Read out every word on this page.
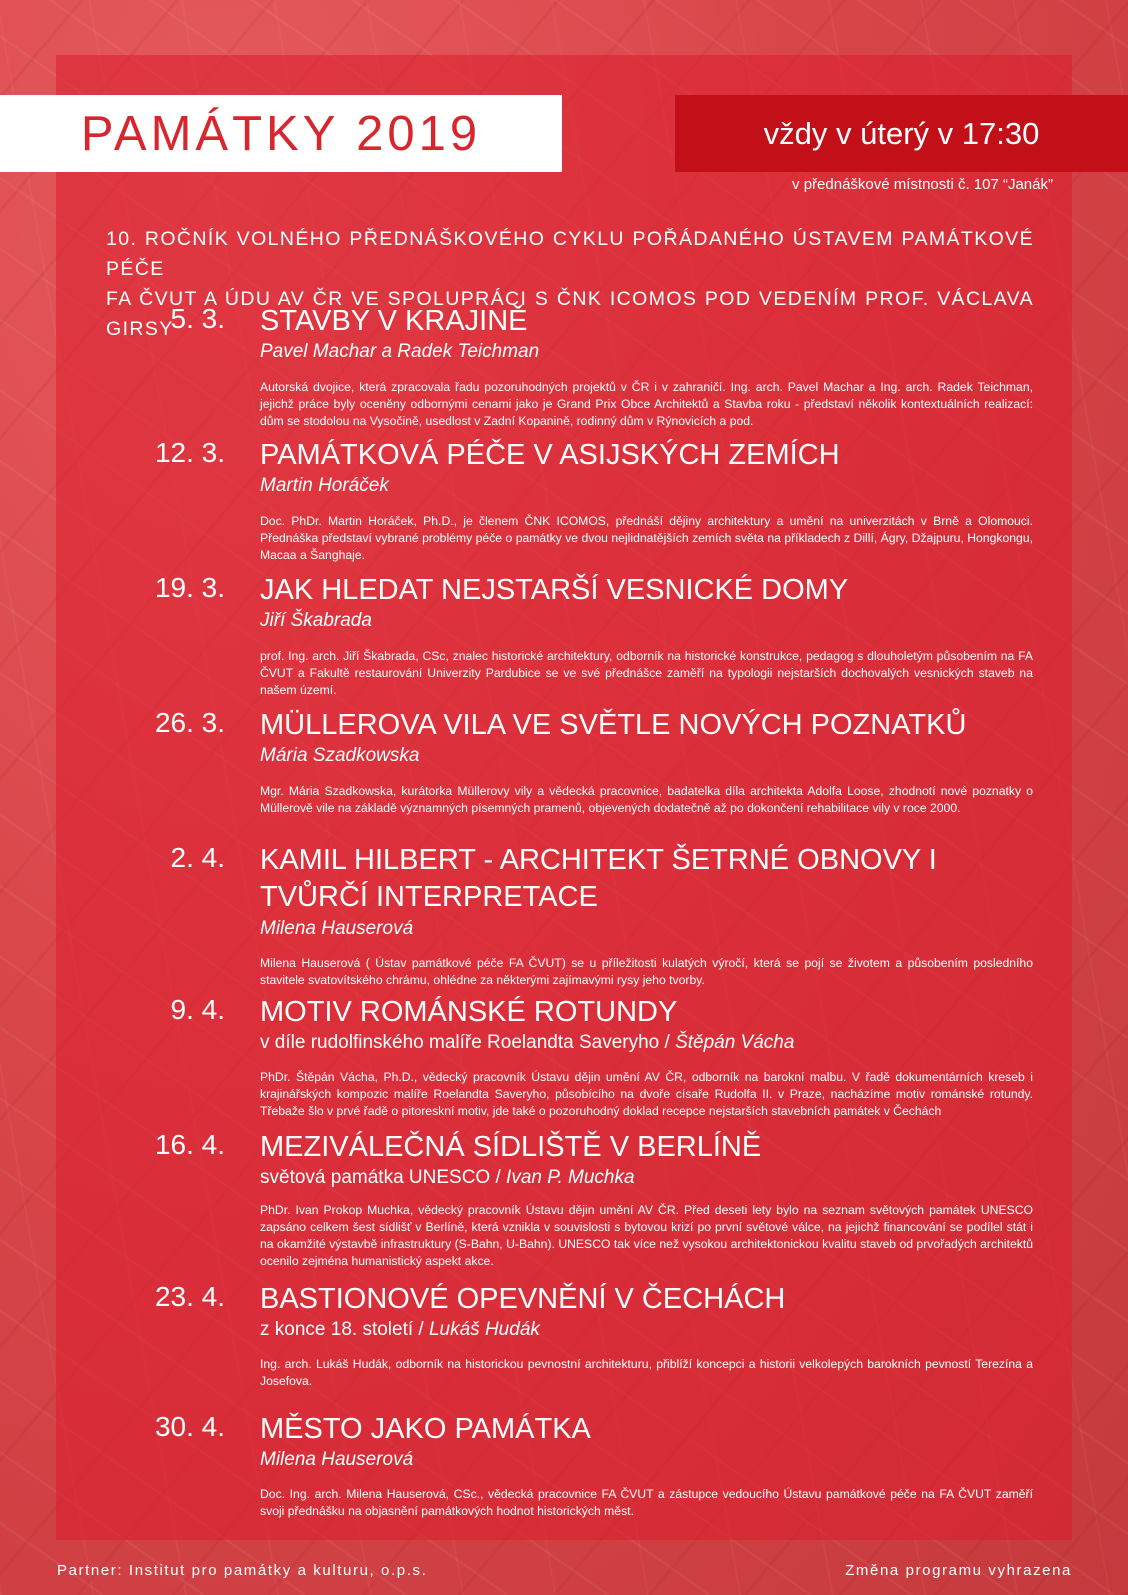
PAMÁTKY 2019	vždy v úterý v 17:30
v přednáškové místnosti č. 107 “Janák”
10. ROČNÍK VOLNÉHO PŘEDNÁŠKOVÉHO CYKLU POŘÁDANÉHO ÚSTAVEM PAMÁTKOVÉ PÉČE
FA ČVUT A ÚDU AV ČR VE SPOLUPRÁCI S ČNK ICOMOS POD VEDENÍM PROF. VÁCLAVA GIRSY
5. 3. STAVBY V KRAJINĚ
Pavel Machar a Radek Teichman
Autorská dvojice, která zpracovala řadu pozoruhodných projektů v ČR i v zahraničí. Ing. arch. Pavel Machar a Ing. arch. Radek Teichman, jejichž práce byly oceněny odbornými cenami jako je Grand Prix Obce Architektů a Stavba roku - představí několik kontextuálních realizací: dům se stodolou na Vysočině, usedlost v Zadní Kopanině, rodinný dům v Rýnovicích a pod.
12. 3. PAMÁTKOVÁ PÉČE V ASIJSKÝCH ZEMÍCH
Martin Horáček
Doc. PhDr. Martin Horáček, Ph.D., je členem ČNK ICOMOS, přednáší dějiny architektury a umění na univerzitách v Brně a Olomouci. Přednáška představí vybrané problémy péče o památky ve dvou nejlidnatějších zemích světa na příkladech z Dillí, Ágry, Džajpuru, Hongkongu, Macaa a Šanghaje.
19. 3. JAK HLEDAT NEJSTARŠÍ VESNICKÉ DOMY
Jiří Škabrada
prof. Ing. arch. Jiří Škabrada, CSc, znalec historické architektury, odborník na historické konstrukce, pedagog s dlouholetým působením na FA ČVUT a Fakultě restaurování Univerzity Pardubice se ve své přednášce zaměří na typologii nejstarších dochovalých vesnických staveb na našem území.
26. 3. MÜLLEROVA VILA VE SVĚTLE NOVÝCH POZNATKŮ
Mária Szadkowska
Mgr. Mária Szadkowska, kurátorka Müllerovy vily a vědecká pracovnice, badatelka díla architekta Adolfa Loose, zhodnotí nové poznatky o Müllerově vile na základě významných písemných pramenů, objevených dodatečně až po dokončení rehabilitace vily v roce 2000.
2. 4. KAMIL HILBERT - ARCHITEKT ŠETRNÉ OBNOVY I TVŮRČÍ INTERPRETACE
Milena Hauserová
Milena Hauserová ( Ústav památkové péče FA ČVUT) se u příležitosti kulatých výročí, která se pojí se životem a působením posledního stavitele svatovítského chrámu, ohlédne za některými zajímavými rysy jeho tvorby.
9. 4. MOTIV ROMÁNSKÉ ROTUNDY
v díle rudolfinského malíře Roelandta Saveryho / Štěpán Vácha
PhDr. Štěpán Vácha, Ph.D., vědecký pracovník Ústavu dějin umění AV ČR, odborník na barokní malbu. V řadě dokumentárních kreseb i krajinářských kompozic malíře Roelandta Saveryho, působícího na dvoře císaře Rudolfa II. v Praze, nacházíme motiv románské rotundy. Třebaže šlo v prvé řadě o pitoreskní motiv, jde také o pozoruhodný doklad recepce nejstarších stavebních památek v Čechách
16. 4. MEZIVÁLEČNÁ SÍDLIŠTĚ V BERLÍNĚ
světová památka UNESCO / Ivan P. Muchka
PhDr. Ivan Prokop Muchka, vědecký pracovník Ústavu dějin umění AV ČR. Před deseti lety bylo na seznam světových památek UNESCO zapsáno celkem šest sídlišť v Berlíně, která vznikla v souvislosti s bytovou krizí po první světové válce, na jejichž financování se podílel stát i na okamžité výstavbě infrastruktury (S-Bahn, U-Bahn). UNESCO tak více než vysokou architektonickou kvalitu staveb od prvořadých architektů ocenilo zejména humanistický aspekt akce.
23. 4. BASTIONOVÉ OPEVNĚNÍ V ČECHÁCH
z konce 18. století / Lukáš Hudák
Ing. arch. Lukáš Hudák, odborník na historickou pevnostní architekturu, přiblíží koncepci a historii velkolepých barokních pevností Terezína a Josefova.
30. 4. MĚSTO JAKO PAMÁTKA
Milena Hauserová
Doc. Ing. arch. Milena Hauserová, CSc., vědecká pracovnice FA ČVUT a zástupce vedoucího Ústavu památkové péče na FA ČVUT zaměří svoji přednášku na objasnění památkových hodnot historických měst.
Partner: Institut pro památky a kulturu, o.p.s.	Změna programu vyhrazena
